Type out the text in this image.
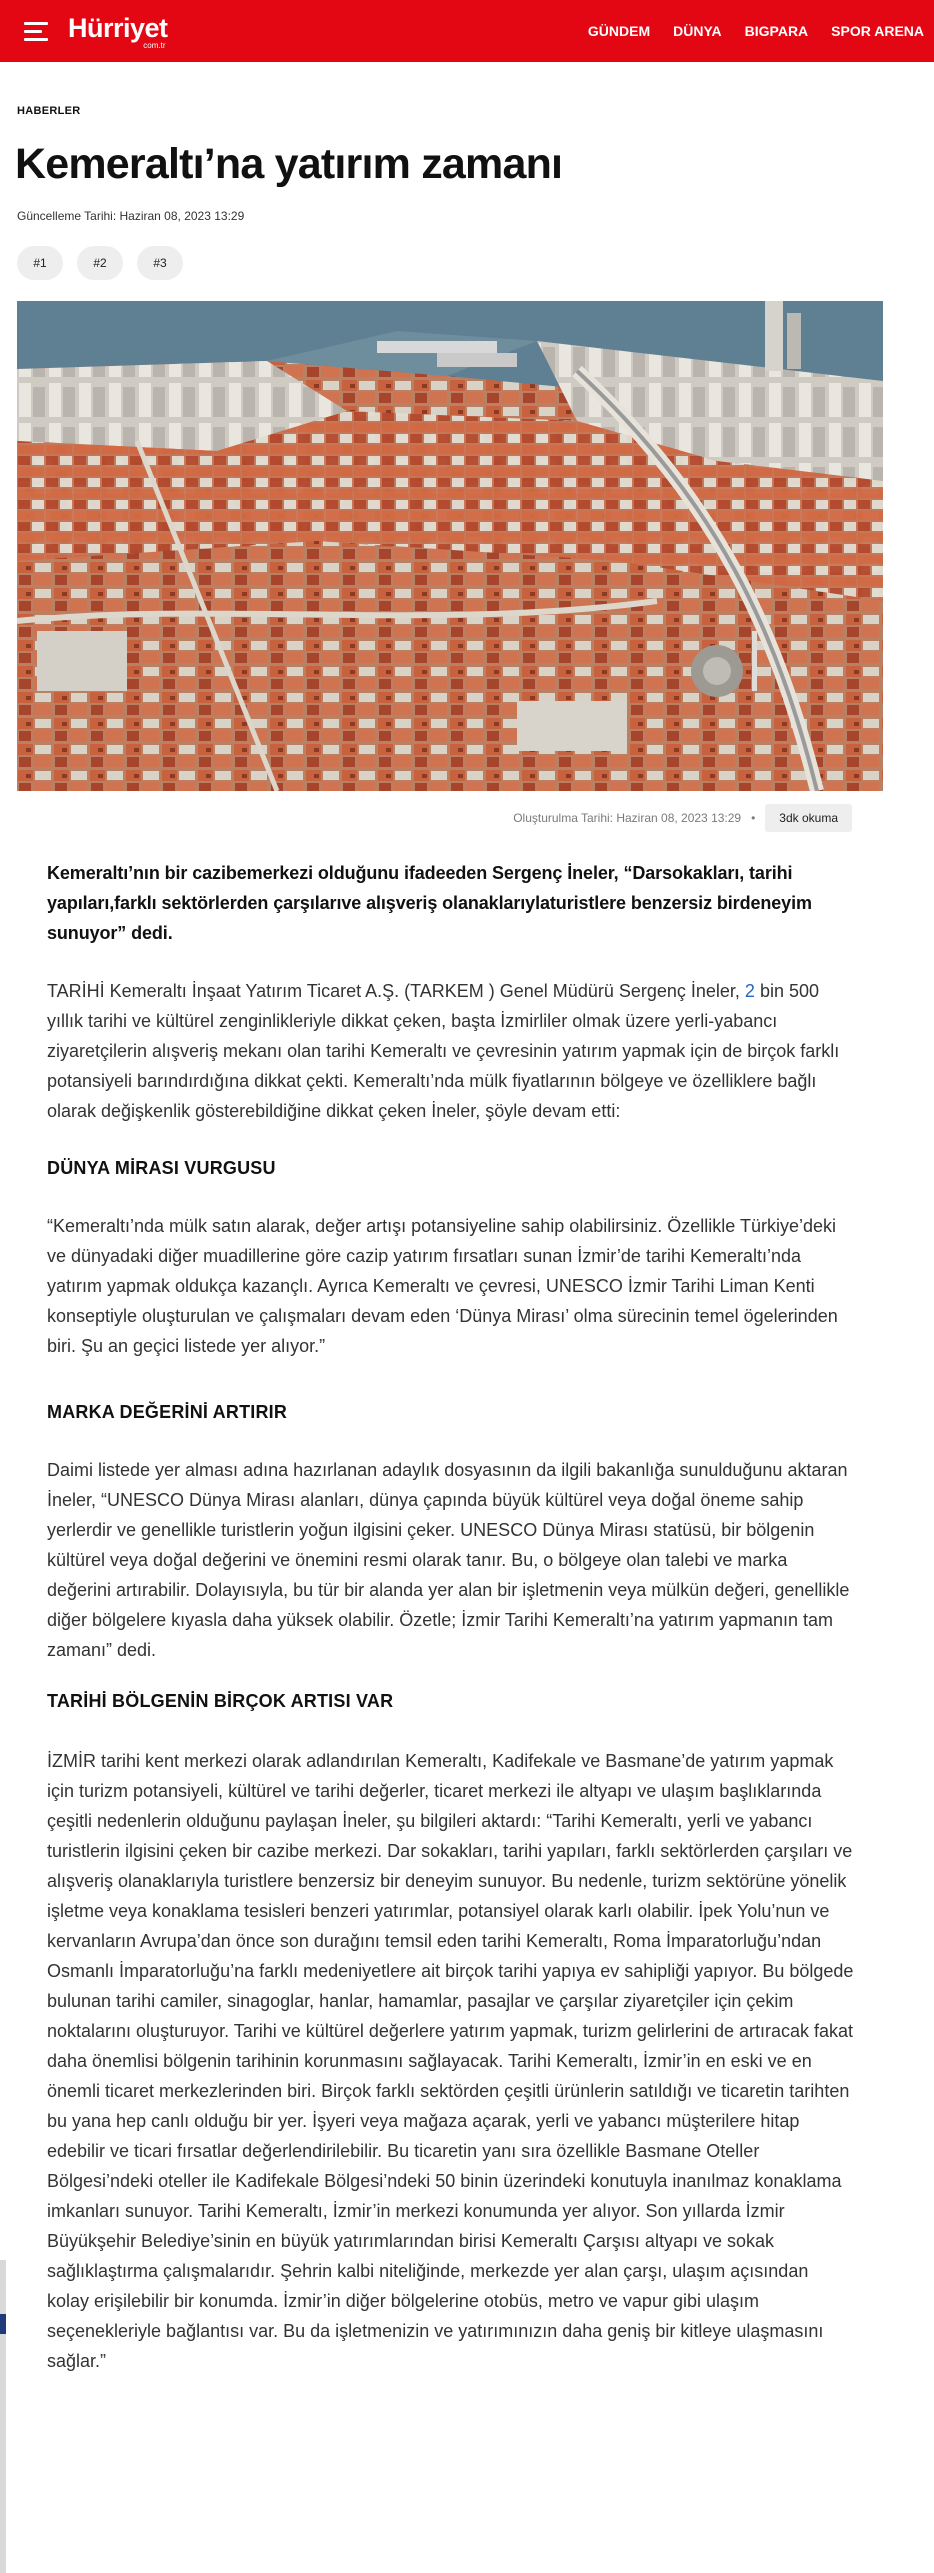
Hürriyet
com.tr
GÜNDEM DÜNYA BIGPARA SPOR ARENA
HABERLER
Kemeraltı’na yatırım zamanı
Güncelleme Tarihi: Haziran 08, 2023 13:29
#1	#2	#3
Oluşturulma Tarihi: Haziran 08, 2023 13:29 •	3dk okuma

Kemeraltı’nın bir cazibemerkezi olduğunu ifadeeden Sergenç İneler, “Darsokakları, tarihi yapıları,farklı sektörlerden çarşılarıve alışveriş olanaklarıylaturistlere benzersiz birdeneyim sunuyor” dedi.

TARİHİ Kemeraltı İnşaat Yatırım Ticaret A.Ş. (TARKEM ) Genel Müdürü Sergenç İneler, 2 bin 500 yıllık tarihi ve kültürel zenginlikleriyle dikkat çeken, başta İzmirliler olmak üzere yerli-yabancı ziyaretçilerin alışveriş mekanı olan tarihi Kemeraltı ve çevresinin yatırım yapmak için de birçok farklı potansiyeli barındırdığına dikkat çekti. Kemeraltı’nda mülk fiyatlarının bölgeye ve özelliklere bağlı olarak değişkenlik gösterebildiğine dikkat çeken İneler, şöyle devam etti:

DÜNYA MİRASI VURGUSU

“Kemeraltı’nda mülk satın alarak, değer artışı potansiyeline sahip olabilirsiniz. Özellikle Türkiye’deki ve dünyadaki diğer muadillerine göre cazip yatırım fırsatları sunan İzmir’de tarihi Kemeraltı’nda yatırım yapmak oldukça kazançlı. Ayrıca Kemeraltı ve çevresi, UNESCO İzmir Tarihi Liman Kenti konseptiyle oluşturulan ve çalışmaları devam eden ‘Dünya Mirası’ olma sürecinin temel ögelerinden biri. Şu an geçici listede yer alıyor.”

MARKA DEĞERİNİ ARTIRIR

Daimi listede yer alması adına hazırlanan adaylık dosyasının da ilgili bakanlığa sunulduğunu aktaran İneler, “UNESCO Dünya Mirası alanları, dünya çapında büyük kültürel veya doğal öneme sahip yerlerdir ve genellikle turistlerin yoğun ilgisini çeker. UNESCO Dünya Mirası statüsü, bir bölgenin kültürel veya doğal değerini ve önemini resmi olarak tanır. Bu, o bölgeye olan talebi ve marka değerini artırabilir. Dolayısıyla, bu tür bir alanda yer alan bir işletmenin veya mülkün değeri, genellikle diğer bölgelere kıyasla daha yüksek olabilir. Özetle; İzmir Tarihi Kemeraltı’na yatırım yapmanın tam zamanı” dedi.

TARİHİ BÖLGENİN BİRÇOK ARTISI VAR

İZMİR tarihi kent merkezi olarak adlandırılan Kemeraltı, Kadifekale ve Basmane’de yatırım yapmak için turizm potansiyeli, kültürel ve tarihi değerler, ticaret merkezi ile altyapı ve ulaşım başlıklarında çeşitli nedenlerin olduğunu paylaşan İneler, şu bilgileri aktardı: “Tarihi Kemeraltı, yerli ve yabancı turistlerin ilgisini çeken bir cazibe merkezi. Dar sokakları, tarihi yapıları, farklı sektörlerden çarşıları ve alışveriş olanaklarıyla turistlere benzersiz bir deneyim sunuyor. Bu nedenle, turizm sektörüne yönelik işletme veya konaklama tesisleri benzeri yatırımlar, potansiyel olarak karlı olabilir. İpek Yolu’nun ve kervanların Avrupa’dan önce son durağını temsil eden tarihi Kemeraltı, Roma İmparatorluğu’ndan Osmanlı İmparatorluğu’na farklı medeniyetlere ait birçok tarihi yapıya ev sahipliği yapıyor. Bu bölgede bulunan tarihi camiler, sinagoglar, hanlar, hamamlar, pasajlar ve çarşılar ziyaretçiler için çekim noktalarını oluşturuyor. Tarihi ve kültürel değerlere yatırım yapmak, turizm gelirlerini de artıracak fakat daha önemlisi bölgenin tarihinin korunmasını sağlayacak. Tarihi Kemeraltı, İzmir’in en eski ve en önemli ticaret merkezlerinden biri. Birçok farklı sektörden çeşitli ürünlerin satıldığı ve ticaretin tarihten bu yana hep canlı olduğu bir yer. İşyeri veya mağaza açarak, yerli ve yabancı müşterilere hitap edebilir ve ticari fırsatlar değerlendirilebilir. Bu ticaretin yanı sıra özellikle Basmane Oteller Bölgesi’ndeki oteller ile Kadifekale Bölgesi’ndeki 50 binin üzerindeki konutuyla inanılmaz konaklama imkanları sunuyor. Tarihi Kemeraltı, İzmir’in merkezi konumunda yer alıyor. Son yıllarda İzmir Büyükşehir Belediye’sinin en büyük yatırımlarından birisi Kemeraltı Çarşısı altyapı ve sokak sağlıklaştırma çalışmalarıdır. Şehrin kalbi niteliğinde, merkezde yer alan çarşı, ulaşım açısından kolay erişilebilir bir konumda. İzmir’in diğer bölgelerine otobüs, metro ve vapur gibi ulaşım seçenekleriyle bağlantısı var. Bu da işletmenizin ve yatırımınızın daha geniş bir kitleye ulaşmasını sağlar.”
